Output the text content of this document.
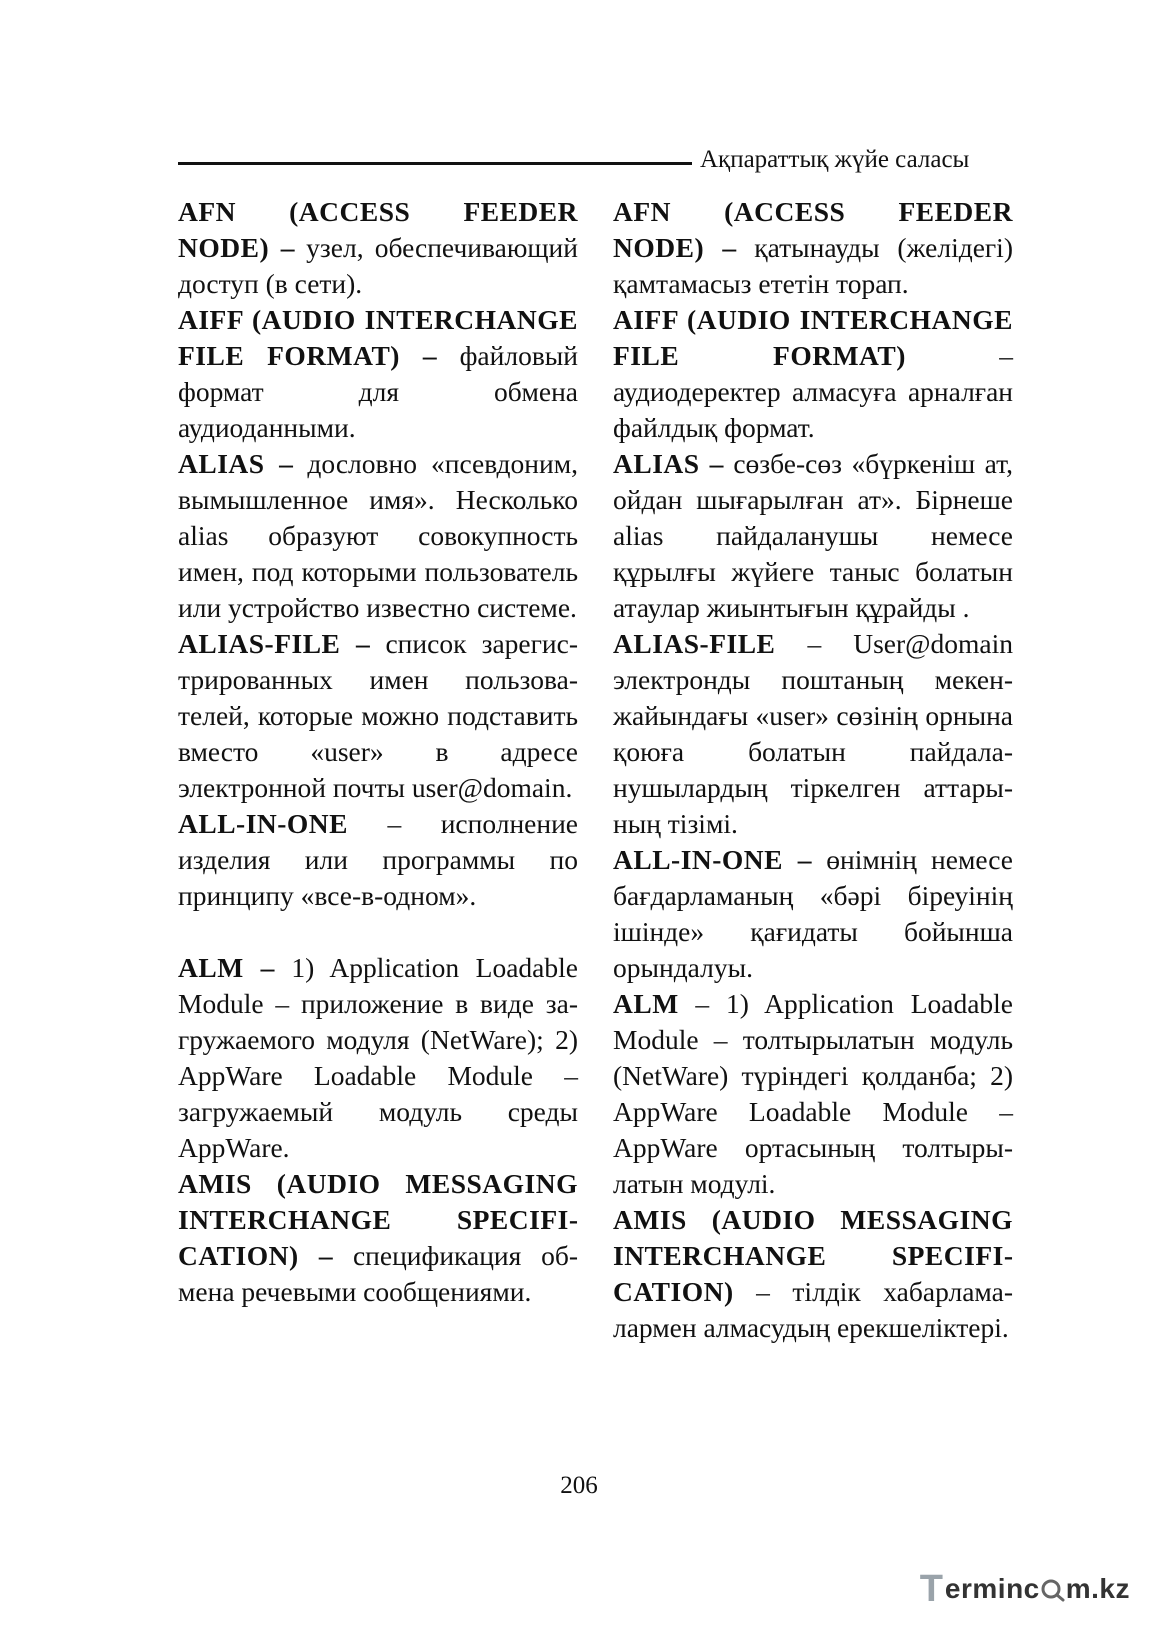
Ақпараттық жүйе саласы

AFN (ACCESS FEEDER NODE) – узел, обеспечивающий доступ (в сети).

AIFF (AUDIO INTERCHANGE FILE FORMAT) – файловый формат для обмена аудиоданными.

ALIAS – дословно «псевдоним, вымышленное имя». Несколько alias образуют совокупность имен, под которыми пользователь или устройство известно системе.

ALIAS-FILE – список зарегистрированных имен пользователей, которые можно подставить вместо «user» в адресе электронной почты user@domain.

ALL-IN-ONE – исполнение изделия или программы по принципу «все-в-одном».

ALM – 1) Application Loadable Module – приложение в виде загружаемого модуля (NetWare); 2) AppWare Loadable Module – загружаемый модуль среды AppWare.

AMIS (AUDIO MESSAGING INTERCHANGE SPECIFICATION) – спецификация обмена речевыми сообщениями.

AFN (ACCESS FEEDER NODE) – қатынауды (желідегі) қамтамасыз ететін торап.

AIFF (AUDIO INTERCHANGE FILE FORMAT) – аудиодеректер алмасуға арналған файлдық формат.

ALIAS – сөзбе-сөз «бүркеніш ат, ойдан шығарылған ат». Бірнеше alias пайдаланушы немесе құрылғы жүйеге таныс болатын атаулар жиынтығын құрайды .

ALIAS-FILE – User@domain электронды поштаның мекенжайындағы «user» сөзінің орнына қоюға болатын пайдаланушылардың тіркелген аттарының тізімі.

ALL-IN-ONE – өнімнің немесе бағдарламаның «бәрі біреуінің ішінде» қағидаты бойынша орындалуы.

ALM – 1) Application Loadable Module – толтырылатын модуль (NetWare) түріндегі қолданба; 2) AppWare Loadable Module – AppWare ортасының толтырылатын модулі.

AMIS (AUDIO MESSAGING INTERCHANGE SPECIFICATION) – тілдік хабарламалармен алмасудың ерекшеліктері.

206
T erminc m.kz
